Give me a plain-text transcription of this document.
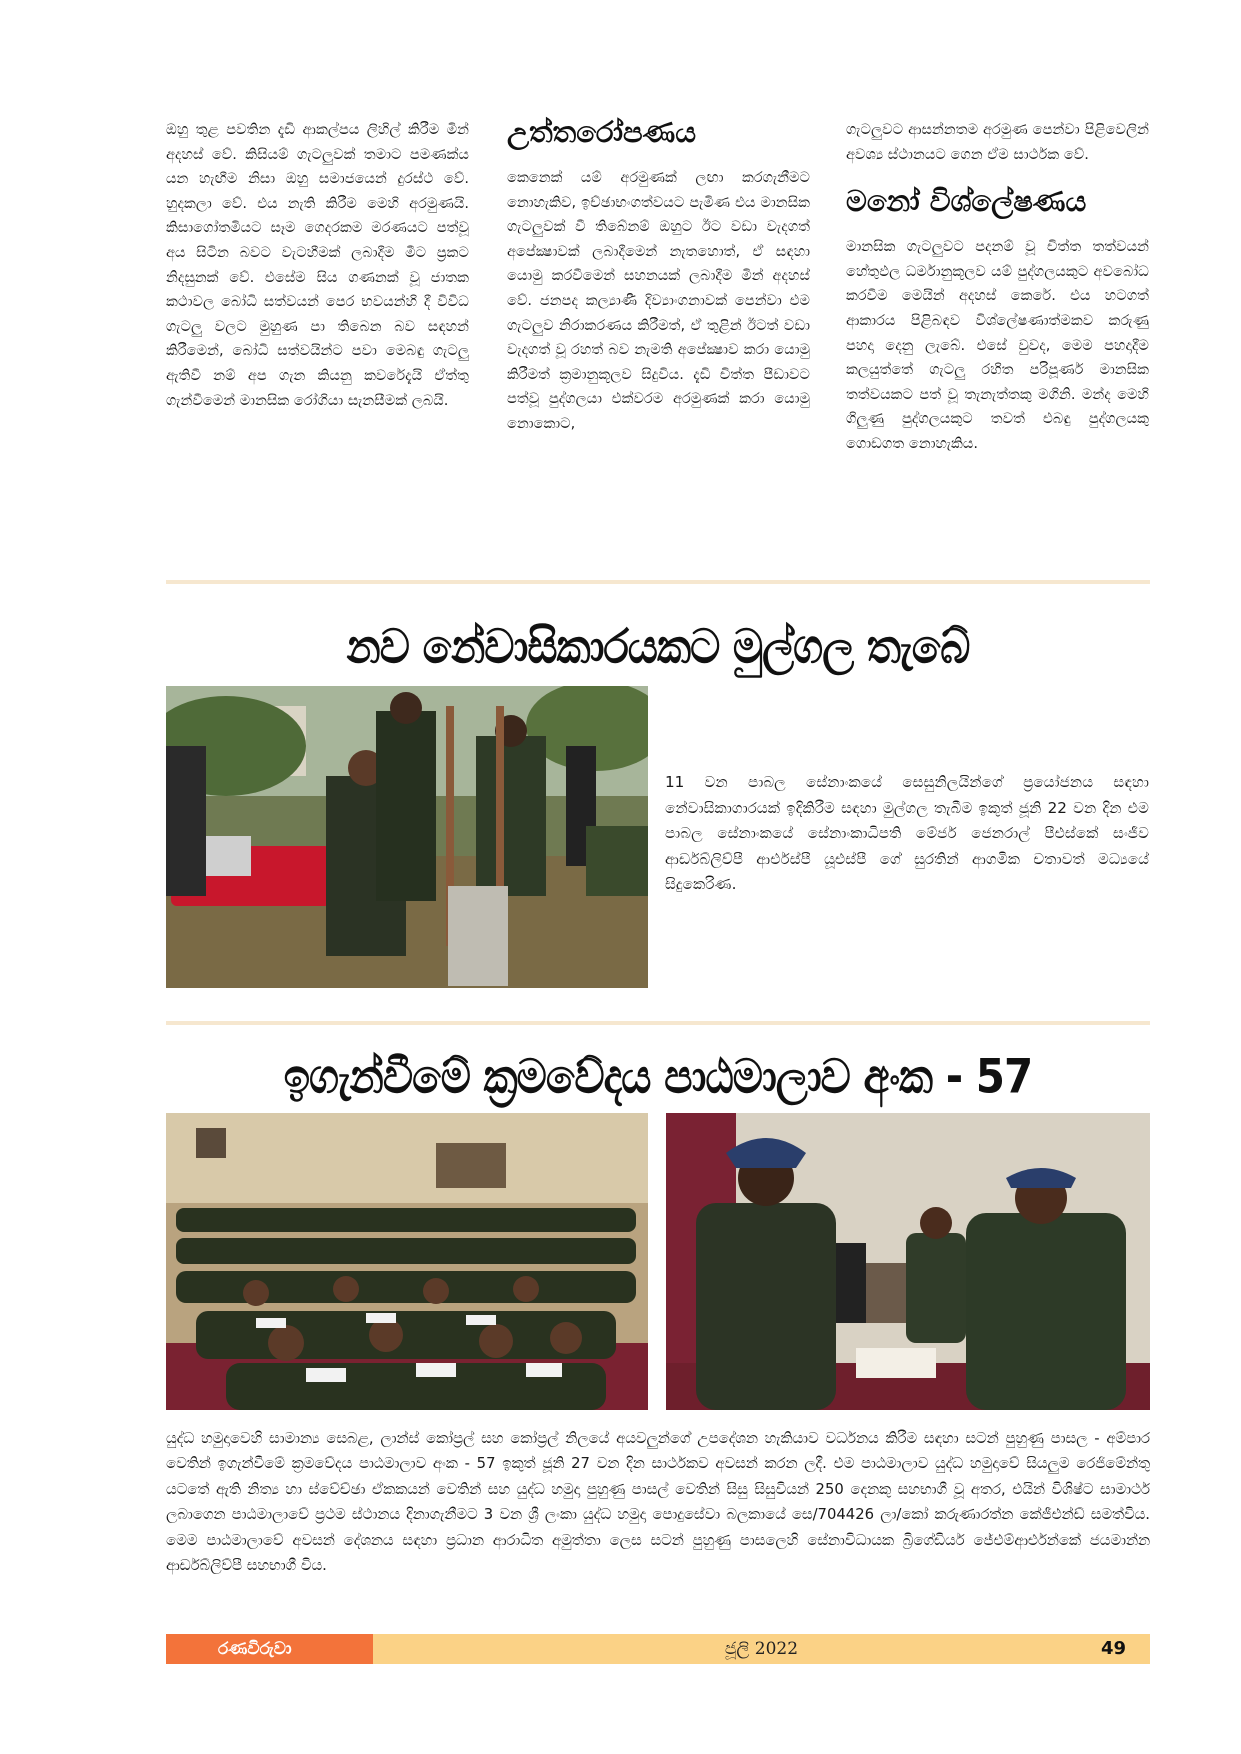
ඔහු තුළ පවතින දැඩි ආකල්පය ලිහිල් කිරීම මින් අදහස් වේ. කිසියම් ගැටලුවක් තමාට පමණක්ය යන හැඟීම නිසා ඔහු සමාජයෙන් දුරස්ථ වේ. හුදකලා වේ. එය නැති කිරීම මෙහි අරමුණයි. කිසාගෝතමියට සෑම ගෙදරකම මරණයට පත්වූ අය සිටින බවට වැටහීමක් ලබාදීම මීට ප්‍රකට නිදසුනක් වේ. එසේම සිය ගණනක් වූ ජාතක කථාවල බෝධි සත්වයන් පෙර භවයන්හි දී විවිධ ගැටලු වලට මුහුණ පා තිබෙන බව සඳහන් කිරීමෙන්, බෝධි සත්වයින්ට පවා මෙබඳු ගැටලු ඇතිවී නම් අප ගැන කියනු කවරේදැයි ඒත්තු ගැන්වීමෙන් මානසික රෝගියා සැනසීමක් ලබයි.

උත්තරෝපණය

කෙනෙක් යම් අරමුණක් ලඟා කරගැනීමට නොහැකිව, ඉච්ඡාභංගත්වයට පැමිණ එය මානසික ගැටලුවක් වී තිබේනම් ඔහුට ඊට වඩා වැදගත් අපේක්‍ෂාවක් ලබාදීමෙන් නැතහොත්, ඒ සඳහා යොමු කරවීමෙන් සහනයක් ලබාදීම මින් අදහස් වේ. ජනපද කල්‍යාණී දිව්‍යාංගනාවක් පෙන්වා එම ගැටලුව නිරාකරණය කිරීමත්, ඒ තුළින් ඊටත් වඩා වැදගත් වූ රහත් බව නැමති අපේක්‍ෂාව කරා යොමු කිරීමත් ක්‍රමානුකූලව සිදුවිය. දැඩි චිත්ත පීඩාවට පත්වූ පුද්ගලයා එක්වරම අරමුණක් කරා යොමු නොකොට,

ගැටලුවට ආසන්නතම අරමුණ පෙන්වා පිළිවෙලින් අවශ්‍ය ස්ථානයට ගෙන ඒම සාර්ථක වේ.

මනෝ විශ්ලේෂණය

මානසික ගැටලුවට පදනම් වූ චිත්ත තත්වයන් හේතුඵල ධර්මානුකූලව යම් පුද්ගලයකුට අවබෝධ කරවීම මෙයින් අදහස් කෙරේ. එය හටගත් ආකාරය පිළිබඳව විශ්ලේෂණාත්මකව කරුණු පහදා දෙනු ලැබේ. එසේ වුවද, මෙම පහදාදීම කලයුත්තේ ගැටලු රහිත පරිපූර්ණ මානසික තත්වයකට පත් වූ තැනැත්තකු මගිනි. මන්ද මෙහි ගිලුණු පුද්ගලයකුට තවත් එබඳු පුද්ගලයකු ගොඩගත නොහැකිය.

නව නේවාසිකාරයකට මුල්ගල තැබේ
11 වන පාබල සේනාංකයේ සෙසුනිලයින්ගේ ප්‍රයෝජනය සඳහා නේවාසිකාගාරයක් ඉදිකිරීම සඳහා මුල්ගල තැබීම ඉකුත් ජූනි 22 වන දින එම පාබල සේනාංකයේ සේනාංකාධිපති මේජර් ජෙනරාල් පීඑස්කේ සංජීව ආර්ඩබ්ලිව්පී ආර්එස්පී යූඑස්පී ගේ සුරතින් ආගමික චතාවත් මධ්‍යයේ සිදුකෙරිණ.
ඉගැන්වීමේ ක්‍රමවේදය පාඨමාලාව අංක - 57
යුද්ධ හමුදාවෙහි සාමාන්‍ය සෙබළ, ලාන්ස් කෝප්‍රල් සහ කෝප්‍රල් නිලයේ අයවලුන්ගේ උපදේශන හැකියාව වර්ධනය කිරීම සඳහා සටන් පුහුණු පාසල - අම්පාර වෙතින් ඉගැන්වීමේ ක්‍රමවේදය පාඨමාලාව අංක - 57 ඉකුත් ජූනි 27 වන දින සාර්ථකව අවසන් කරන ලදී. එම පාඨමාලාව යුද්ධ හමුදාවේ සියලුම රෙජිමේන්තු යටතේ ඇති නිත්‍ය හා ස්වේච්ඡා ඒකකයන් වෙතින් සහ යුද්ධ හමුදා පුහුණු පාසල් වෙතින් සිසු සිසුවියන් 250 දෙනකු සහභාගී වූ අතර, එයින් විශිෂ්ට සාමාර්ථ ලබාගෙන පාඨමාලාවේ ප්‍රථම ස්ථානය දිනාගැනීමට 3 වන ශ්‍රී ලංකා යුද්ධ හමුදා පොදුසේවා බලකායේ සෙ/704426 ලා/කෝ කරුණාරත්න කේජීඑන්ඩ් සමත්විය. මෙම පාඨමාලාවේ අවසන් දේශනය සඳහා ප්‍රධාන ආරාධිත අමුත්තා ලෙස සටන් පුහුණු පාසලෙහි සේනාවිධායක බ්‍රිගේඩියර් ජේඑම්ආර්එන්කේ ජයමාන්න ආර්ඩබ්ලිව්පී සහභාගී විය.
රණවිරුවා	ජූලි 2022	49
